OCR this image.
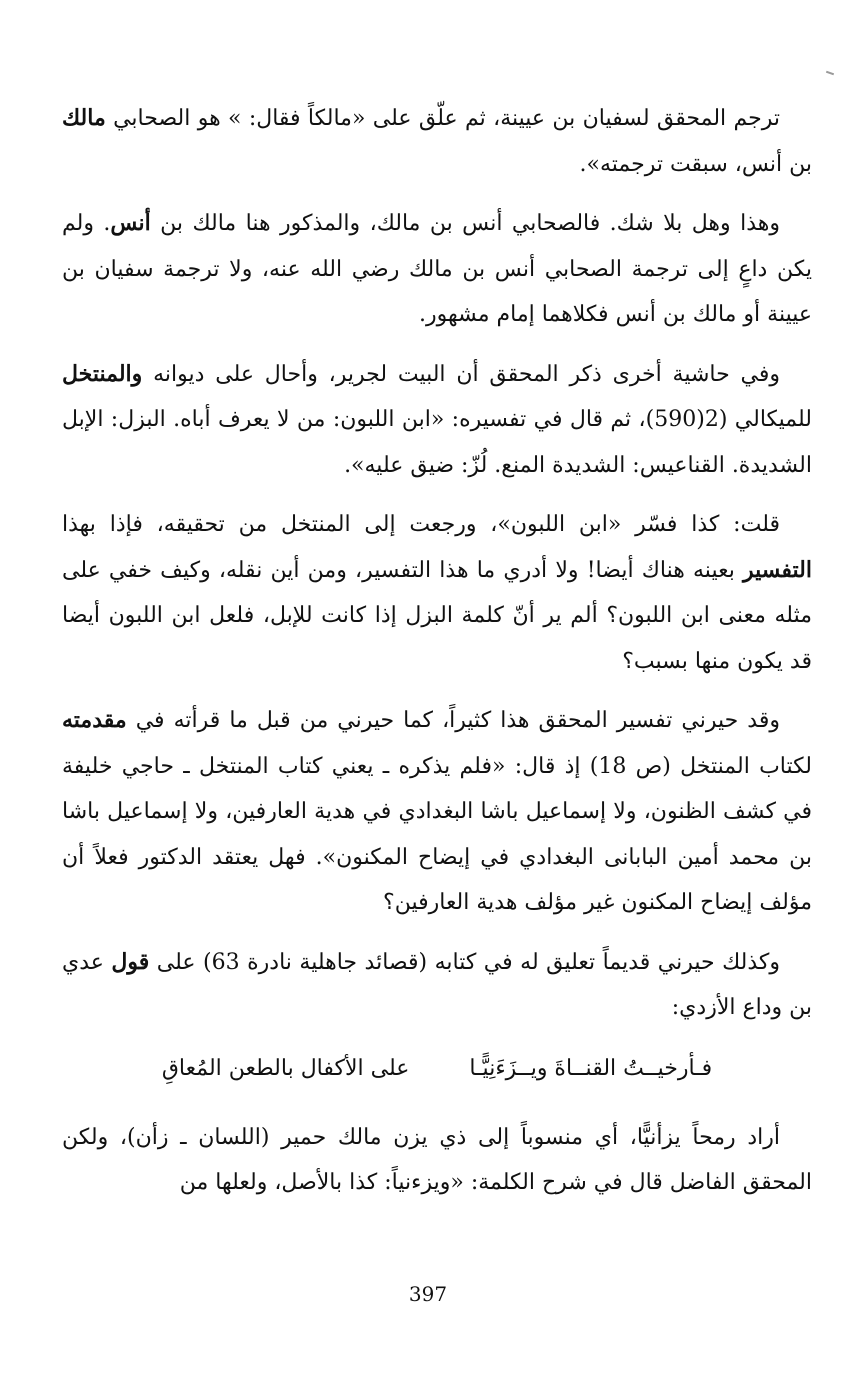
ترجم المحقق لسفيان بن عيينة، ثم علّق على «مالكاً فقال: » هو الصحابي مالك بن أنس، سبقت ترجمته».

وهذا وهل بلا شك. فالصحابي أنس بن مالك، والمذكور هنا مالك بن أنس. ولم يكن داعٍ إلى ترجمة الصحابي أنس بن مالك رضي الله عنه، ولا ترجمة سفيان بن عيينة أو مالك بن أنس فكلاهما إمام مشهور.

وفي حاشية أخرى ذكر المحقق أن البيت لجرير، وأحال على ديوانه والمنتخل للميكالي (2(590)، ثم قال في تفسيره: «ابن اللبون: من لا يعرف أباه. البزل: الإبل الشديدة. القناعيس: الشديدة المنع. لُزّ: ضيق عليه».

قلت: كذا فسّر «ابن اللبون»، ورجعت إلى المنتخل من تحقيقه، فإذا بهذا التفسير بعينه هناك أيضا! ولا أدري ما هذا التفسير، ومن أين نقله، وكيف خفي على مثله معنى ابن اللبون؟ ألم ير أنّ كلمة البزل إذا كانت للإبل، فلعل ابن اللبون أيضا قد يكون منها بسبب؟

وقد حيرني تفسير المحقق هذا كثيراً، كما حيرني من قبل ما قرأته في مقدمته لكتاب المنتخل (ص 18) إذ قال: «فلم يذكره ـ يعني كتاب المنتخل ـ حاجي خليفة في كشف الظنون، ولا إسماعيل باشا البغدادي في هدية العارفين، ولا إسماعيل باشا بن محمد أمين البابانى البغدادي في إيضاح المكنون». فهل يعتقد الدكتور فعلاً أن مؤلف إيضاح المكنون غير مؤلف هدية العارفين؟

وكذلك حيرني قديماً تعليق له في كتابه (قصائد جاهلية نادرة 63) على قول عدي بن وداع الأزدي:

فـأرخيــتُ القنــاةَ ويــزَءَنِيًّـا
على الأكفال بالطعن المُعاقِ

أراد رمحاً يزأنيًّا، أي منسوباً إلى ذي يزن مالك حمير (اللسان ـ زأن)، ولكن المحقق الفاضل قال في شرح الكلمة: «ويزءنياً: كذا بالأصل، ولعلها من

397
